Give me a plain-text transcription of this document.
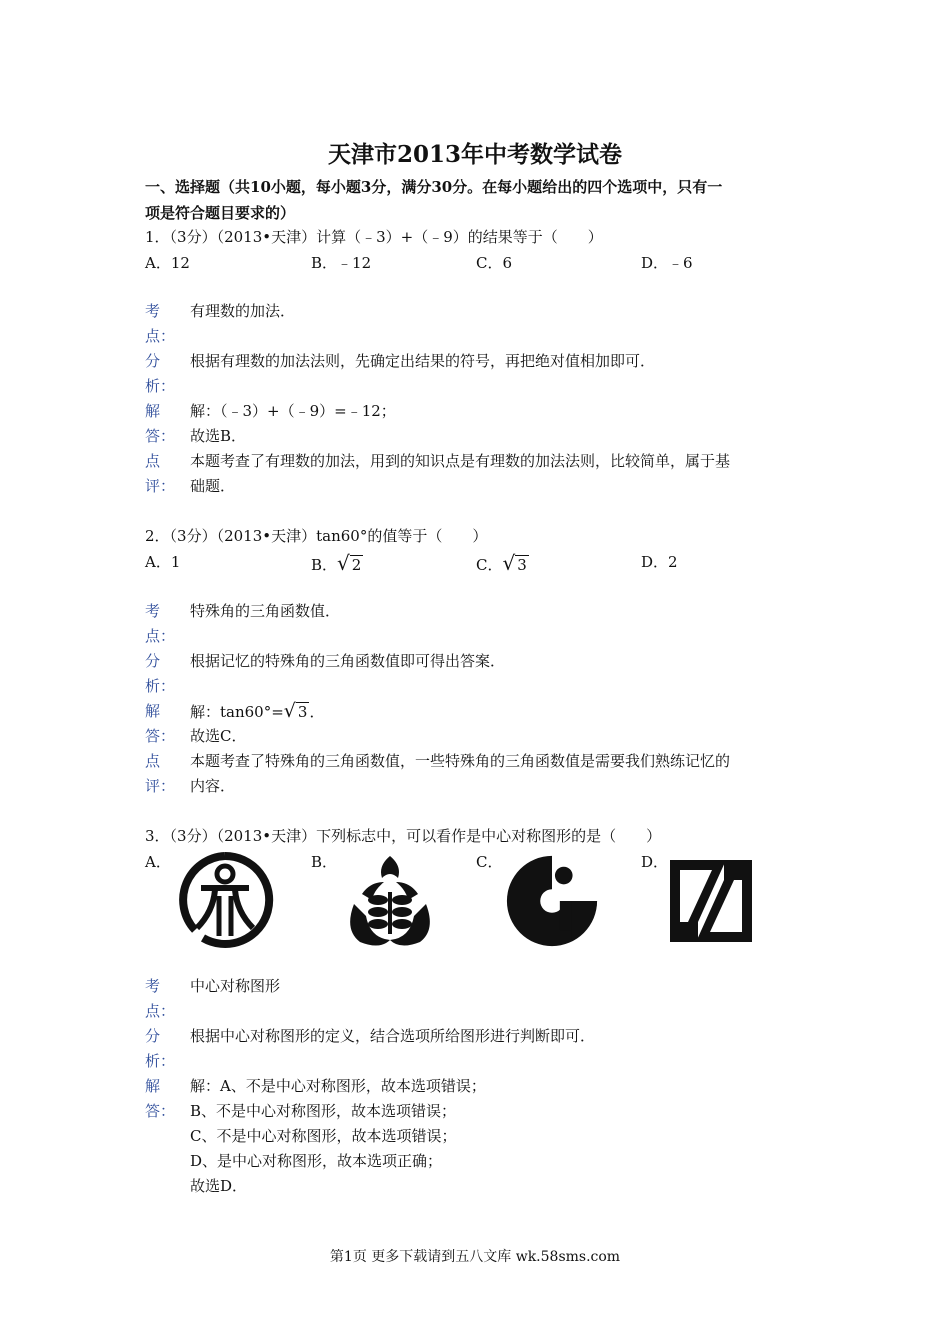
天津市2013年中考数学试卷
一、选择题（共10小题，每小题3分，满分30分。在每小题给出的四个选项中，只有一
项是符合题目要求的）
1．（3分）（2013•天津）计算（﹣3）+（﹣9）的结果等于（　　）
A．12	B．﹣12	C．6	D．﹣6
考
点：
有理数的加法．
分
析：
根据有理数的加法法则，先确定出结果的符号，再把绝对值相加即可．
解
答：
解：（﹣3）+（﹣9）=﹣12；
故选B．
点
评：
本题考查了有理数的加法，用到的知识点是有理数的加法法则，比较简单，属于基
础题．
2．（3分）（2013•天津）tan60°的值等于（　　）
A．1	B．√ 2	C．√ 3	D．2
考
点：
特殊角的三角函数值．
分
析：
根据记忆的特殊角的三角函数值即可得出答案．
解
答：
解：tan60°=√ 3 ．
故选C．
点
评：
本题考查了特殊角的三角函数值，一些特殊角的三角函数值是需要我们熟练记忆的
内容．
3．（3分）（2013•天津）下列标志中，可以看作是中心对称图形的是（　　）
A．	B．	C．	D．
考
点：
中心对称图形
分
析：
根据中心对称图形的定义，结合选项所给图形进行判断即可．
解
答：
解：A、不是中心对称图形，故本选项错误；
B、不是中心对称图形，故本选项错误；
C、不是中心对称图形，故本选项错误；
D、是中心对称图形，故本选项正确；
故选D．
第1页 更多下载请到五八文库 wk.58sms.com
